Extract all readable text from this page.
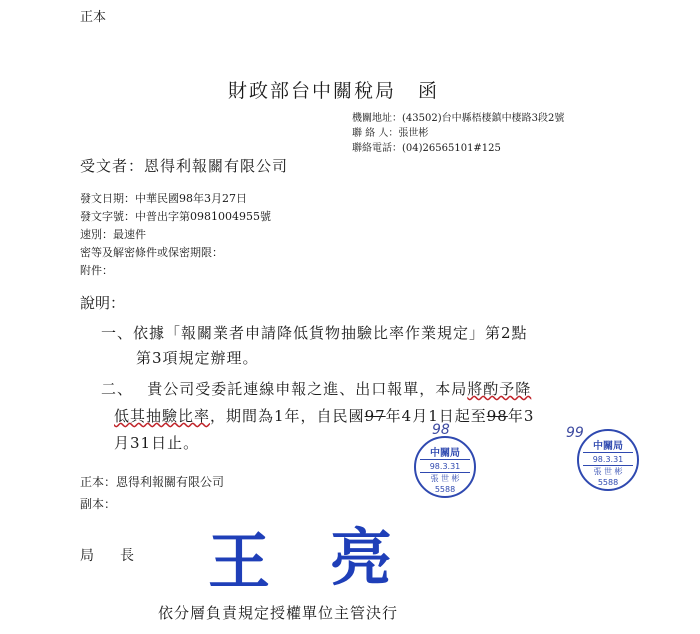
正本
財政部台中關稅局 函
機關地址：(43502)台中縣梧棲鎮中棲路3段2號
聯 絡 人：張世彬
聯絡電話：(04)26565101#125
受文者：恩得利報關有限公司
發文日期：中華民國98年3月27日
發文字號：中普出字第0981004955號
速別：最速件
密等及解密條件或保密期限：
附件：
說明：
一、依據「報關業者申請降低貨物抽驗比率作業規定」第2點
第3項規定辦理。
二、　 貴公司受委託連線申報之進、出口報單，本局將酌予降
低其抽驗比率，期間為1年，自民國97年4月1日起至98年3
月31日止。
98	99
中關局
98.3.31
張 世 彬
5588
中關局
98.3.31
張 世 彬
5588
正本：恩得利報關有限公司
副本：
局長 王 亮
依分層負責規定授權單位主管決行
